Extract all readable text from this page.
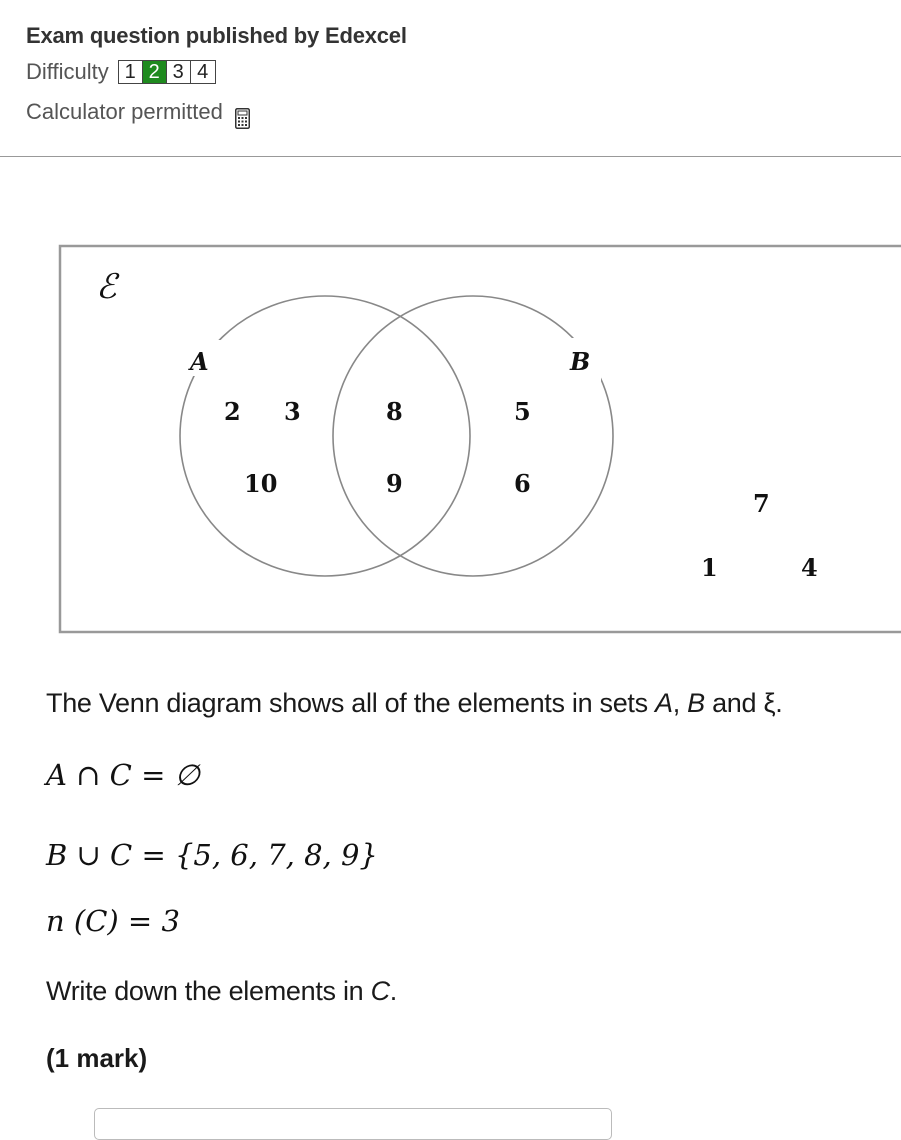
Exam question published by Edexcel
Difficulty 1 2 3 4
Calculator permitted
ℰ
A	B
2 3
10
8
9
5
6
7
1	4

The Venn diagram shows all of the elements in sets A, B and ξ.

A ∩ C = ∅
B ∪ C = {5, 6, 7, 8, 9}
n (C) = 3

Write down the elements in C.

(1 mark)
